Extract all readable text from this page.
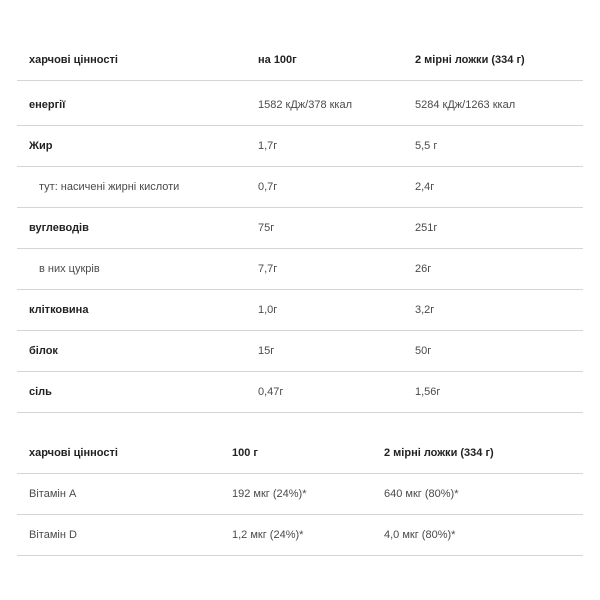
харчові цінності	на 100г	2 мірні ложки (334 г)
енергії	1582 кДж/378 ккал	5284 кДж/1263 ккал
Жир	1,7г	5,5 г
тут: насичені жирні кислоти	0,7г	2,4г
вуглеводів	75г	251г
в них цукрів	7,7г	26г
клітковина	1,0г	3,2г
білок	15г	50г
сіль	0,47г	1,56г
харчові цінності	100 г	2 мірні ложки (334 г)
Вітамін A	192 мкг (24%)*	640 мкг (80%)*
Вітамін D	1,2 мкг (24%)*	4,0 мкг (80%)*
